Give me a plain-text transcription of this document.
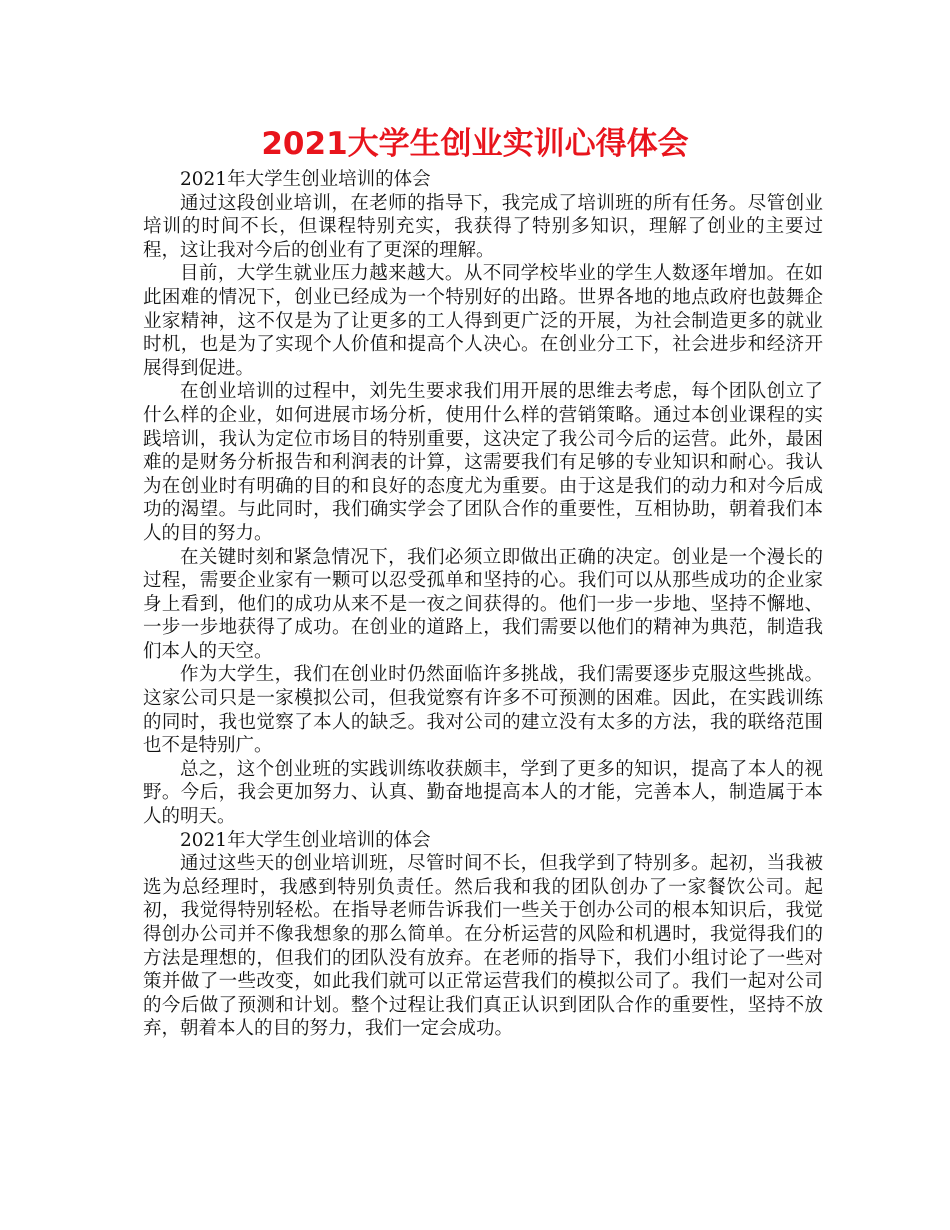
2021大学生创业实训心得体会

2021年大学生创业培训的体会

通过这段创业培训，在老师的指导下，我完成了培训班的所有任务。尽管创业培训的时间不长，但课程特别充实，我获得了特别多知识，理解了创业的主要过程，这让我对今后的创业有了更深的理解。

目前，大学生就业压力越来越大。从不同学校毕业的学生人数逐年增加。在如此困难的情况下，创业已经成为一个特别好的出路。世界各地的地点政府也鼓舞企业家精神，这不仅是为了让更多的工人得到更广泛的开展，为社会制造更多的就业时机，也是为了实现个人价值和提高个人决心。在创业分工下，社会进步和经济开展得到促进。

在创业培训的过程中，刘先生要求我们用开展的思维去考虑，每个团队创立了什么样的企业，如何进展市场分析，使用什么样的营销策略。通过本创业课程的实践培训，我认为定位市场目的特别重要，这决定了我公司今后的运营。此外，最困难的是财务分析报告和利润表的计算，这需要我们有足够的专业知识和耐心。我认为在创业时有明确的目的和良好的态度尤为重要。由于这是我们的动力和对今后成功的渴望。与此同时，我们确实学会了团队合作的重要性，互相协助，朝着我们本人的目的努力。

在关键时刻和紧急情况下，我们必须立即做出正确的决定。创业是一个漫长的过程，需要企业家有一颗可以忍受孤单和坚持的心。我们可以从那些成功的企业家身上看到，他们的成功从来不是一夜之间获得的。他们一步一步地、坚持不懈地、一步一步地获得了成功。在创业的道路上，我们需要以他们的精神为典范，制造我们本人的天空。

作为大学生，我们在创业时仍然面临许多挑战，我们需要逐步克服这些挑战。这家公司只是一家模拟公司，但我觉察有许多不可预测的困难。因此，在实践训练的同时，我也觉察了本人的缺乏。我对公司的建立没有太多的方法，我的联络范围也不是特别广。

总之，这个创业班的实践训练收获颇丰，学到了更多的知识，提高了本人的视野。今后，我会更加努力、认真、勤奋地提高本人的才能，完善本人，制造属于本人的明天。

2021年大学生创业培训的体会

通过这些天的创业培训班，尽管时间不长，但我学到了特别多。起初，当我被选为总经理时，我感到特别负责任。然后我和我的团队创办了一家餐饮公司。起初，我觉得特别轻松。在指导老师告诉我们一些关于创办公司的根本知识后，我觉得创办公司并不像我想象的那么简单。在分析运营的风险和机遇时，我觉得我们的方法是理想的，但我们的团队没有放弃。在老师的指导下，我们小组讨论了一些对策并做了一些改变，如此我们就可以正常运营我们的模拟公司了。我们一起对公司的今后做了预测和计划。整个过程让我们真正认识到团队合作的重要性，坚持不放弃，朝着本人的目的努力，我们一定会成功。
